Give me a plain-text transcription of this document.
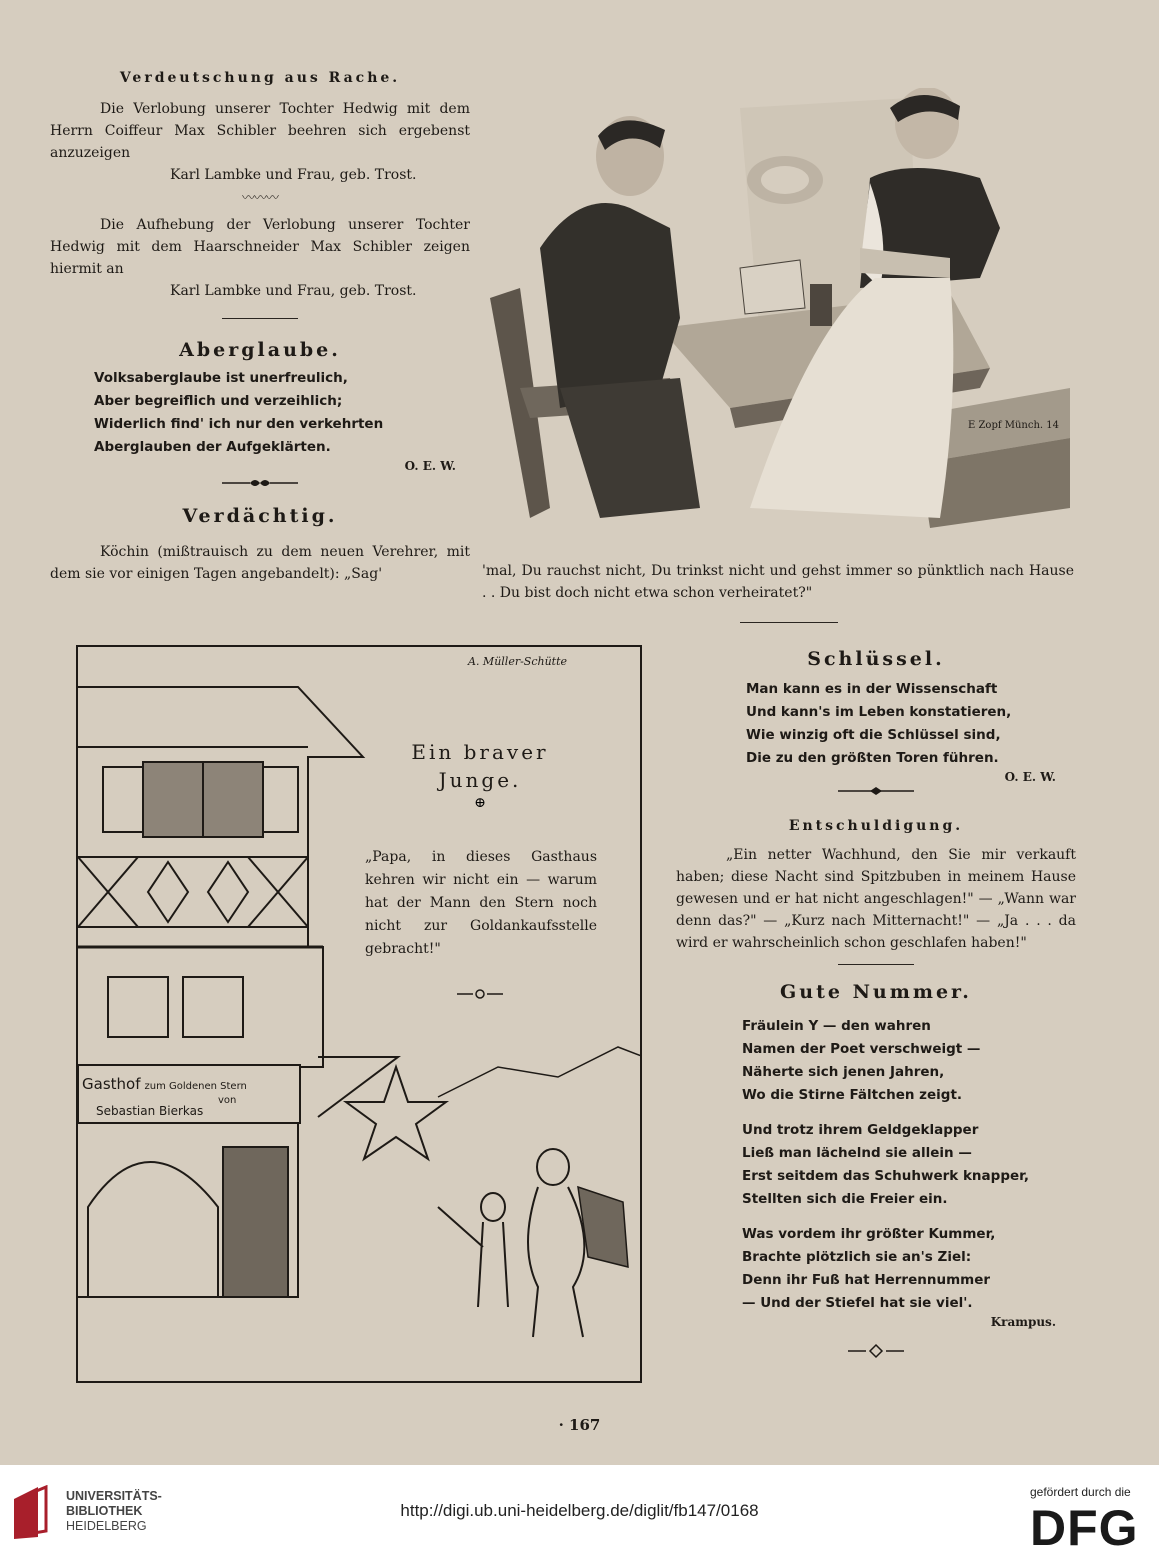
Verdeutschung aus Rache.

Die Verlobung unserer Tochter Hedwig mit dem Herrn Coiffeur Max Schibler beehren sich ergebenst anzuzeigen

Karl Lambke und Frau, geb. Trost.

〰〰〰

Die Aufhebung der Verlobung unserer Tochter Hedwig mit dem Haarschneider Max Schibler zeigen hiermit an

Karl Lambke und Frau, geb. Trost.

Aberglaube.

Volksaberglaube ist unerfreulich,

Aber begreiflich und verzeihlich;

Widerlich find' ich nur den verkehrten

Aberglauben der Aufgeklärten.

O. E. W.

Verdächtig.

Köchin (mißtrauisch zu dem neuen Verehrer, mit dem sie vor einigen Tagen angebandelt): „Sag'

E Zopf Münch. 14
'mal, Du rauchst nicht, Du trinkst nicht und gehst immer so pünktlich nach Hause . . Du bist doch nicht etwa schon verheiratet?"
A. Müller-Schütte
Gasthof zum Goldenen Stern
von
Sebastian Bierkas
Ein braver Junge.
⊕
„Papa, in dieses Gasthaus kehren wir nicht ein — warum hat der Mann den Stern noch nicht zur Goldankaufsstelle gebracht!"
Schlüssel.

Man kann es in der Wissenschaft

Und kann's im Leben konstatieren,

Wie winzig oft die Schlüssel sind,

Die zu den größten Toren führen.

O. E. W.

Entschuldigung.

„Ein netter Wachhund, den Sie mir verkauft haben; diese Nacht sind Spitzbuben in meinem Hause gewesen und er hat nicht angeschlagen!" — „Wann war denn das?" — „Kurz nach Mitternacht!" — „Ja . . . da wird er wahrscheinlich schon geschlafen haben!"

Gute Nummer.

Fräulein Y — den wahren

Namen der Poet verschweigt —

Näherte sich jenen Jahren,

Wo die Stirne Fältchen zeigt.

Und trotz ihrem Geldgeklapper

Ließ man lächelnd sie allein —

Erst seitdem das Schuhwerk knapper,

Stellten sich die Freier ein.

Was vordem ihr größter Kummer,

Brachte plötzlich sie an's Ziel:

Denn ihr Fuß hat Herrennummer

— Und der Stiefel hat sie viel'.

Krampus.

· 167
UNIVERSITÄTS-
BIBLIOTHEK
HEIDELBERG
http://digi.ub.uni-heidelberg.de/diglit/fb147/0168
gefördert durch die
DFG
